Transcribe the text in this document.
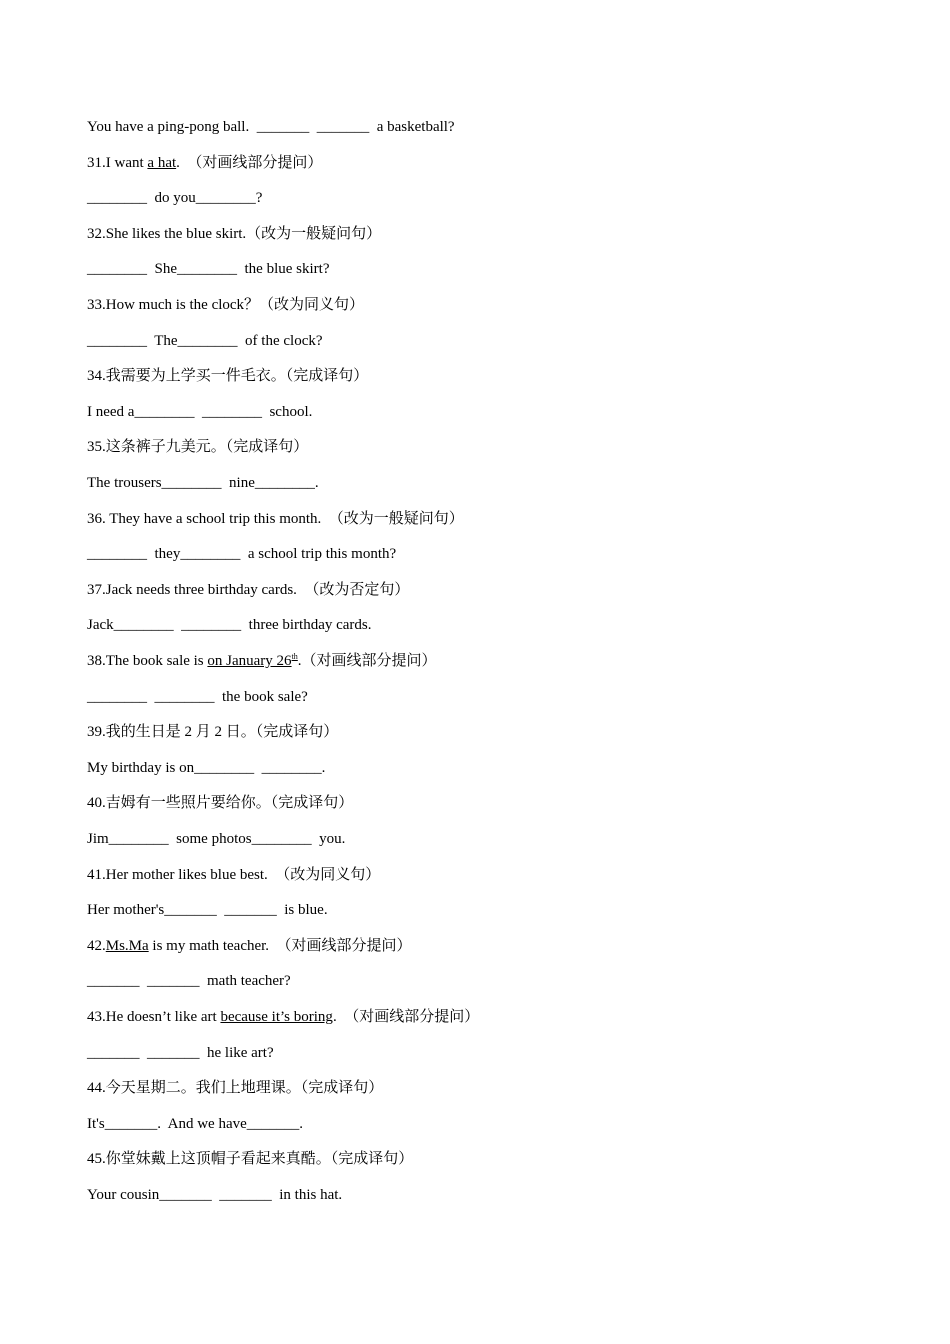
You have a ping-pong ball.  _______  _______  a basketball?
31.I want a hat.  （对画线部分提问）
________  do you________?
32.She likes the blue skirt.（改为一般疑问句）
________  She________  the blue skirt?
33.How much is the clock？（改为同义句）
________  The________  of the clock?
34.我需要为上学买一件毛衣。（完成译句）
I need a________  ________  school.
35.这条裤子九美元。（完成译句）
The trousers________  nine________.
36. They have a school trip this month.  （改为一般疑问句）
________  they________  a school trip this month?
37.Jack needs three birthday cards.  （改为否定句）
Jack________  ________  three birthday cards.
38.The book sale is on January 26th.（对画线部分提问）
________  ________  the book sale?
39.我的生日是 2 月 2 日。（完成译句）
My birthday is on________  ________.
40.吉姆有一些照片要给你。（完成译句）
Jim________  some photos________  you.
41.Her mother likes blue best.  （改为同义句）
Her mother's_______  _______  is blue.
42.Ms.Ma is my math teacher.  （对画线部分提问）
_______  _______  math teacher?
43.He doesn’t like art because it’s boring.  （对画线部分提问）
_______  _______  he like art?
44.今天星期二。我们上地理课。（完成译句）
It's_______.  And we have_______.
45.你堂妹戴上这顶帽子看起来真酷。（完成译句）
Your cousin_______  _______  in this hat.
